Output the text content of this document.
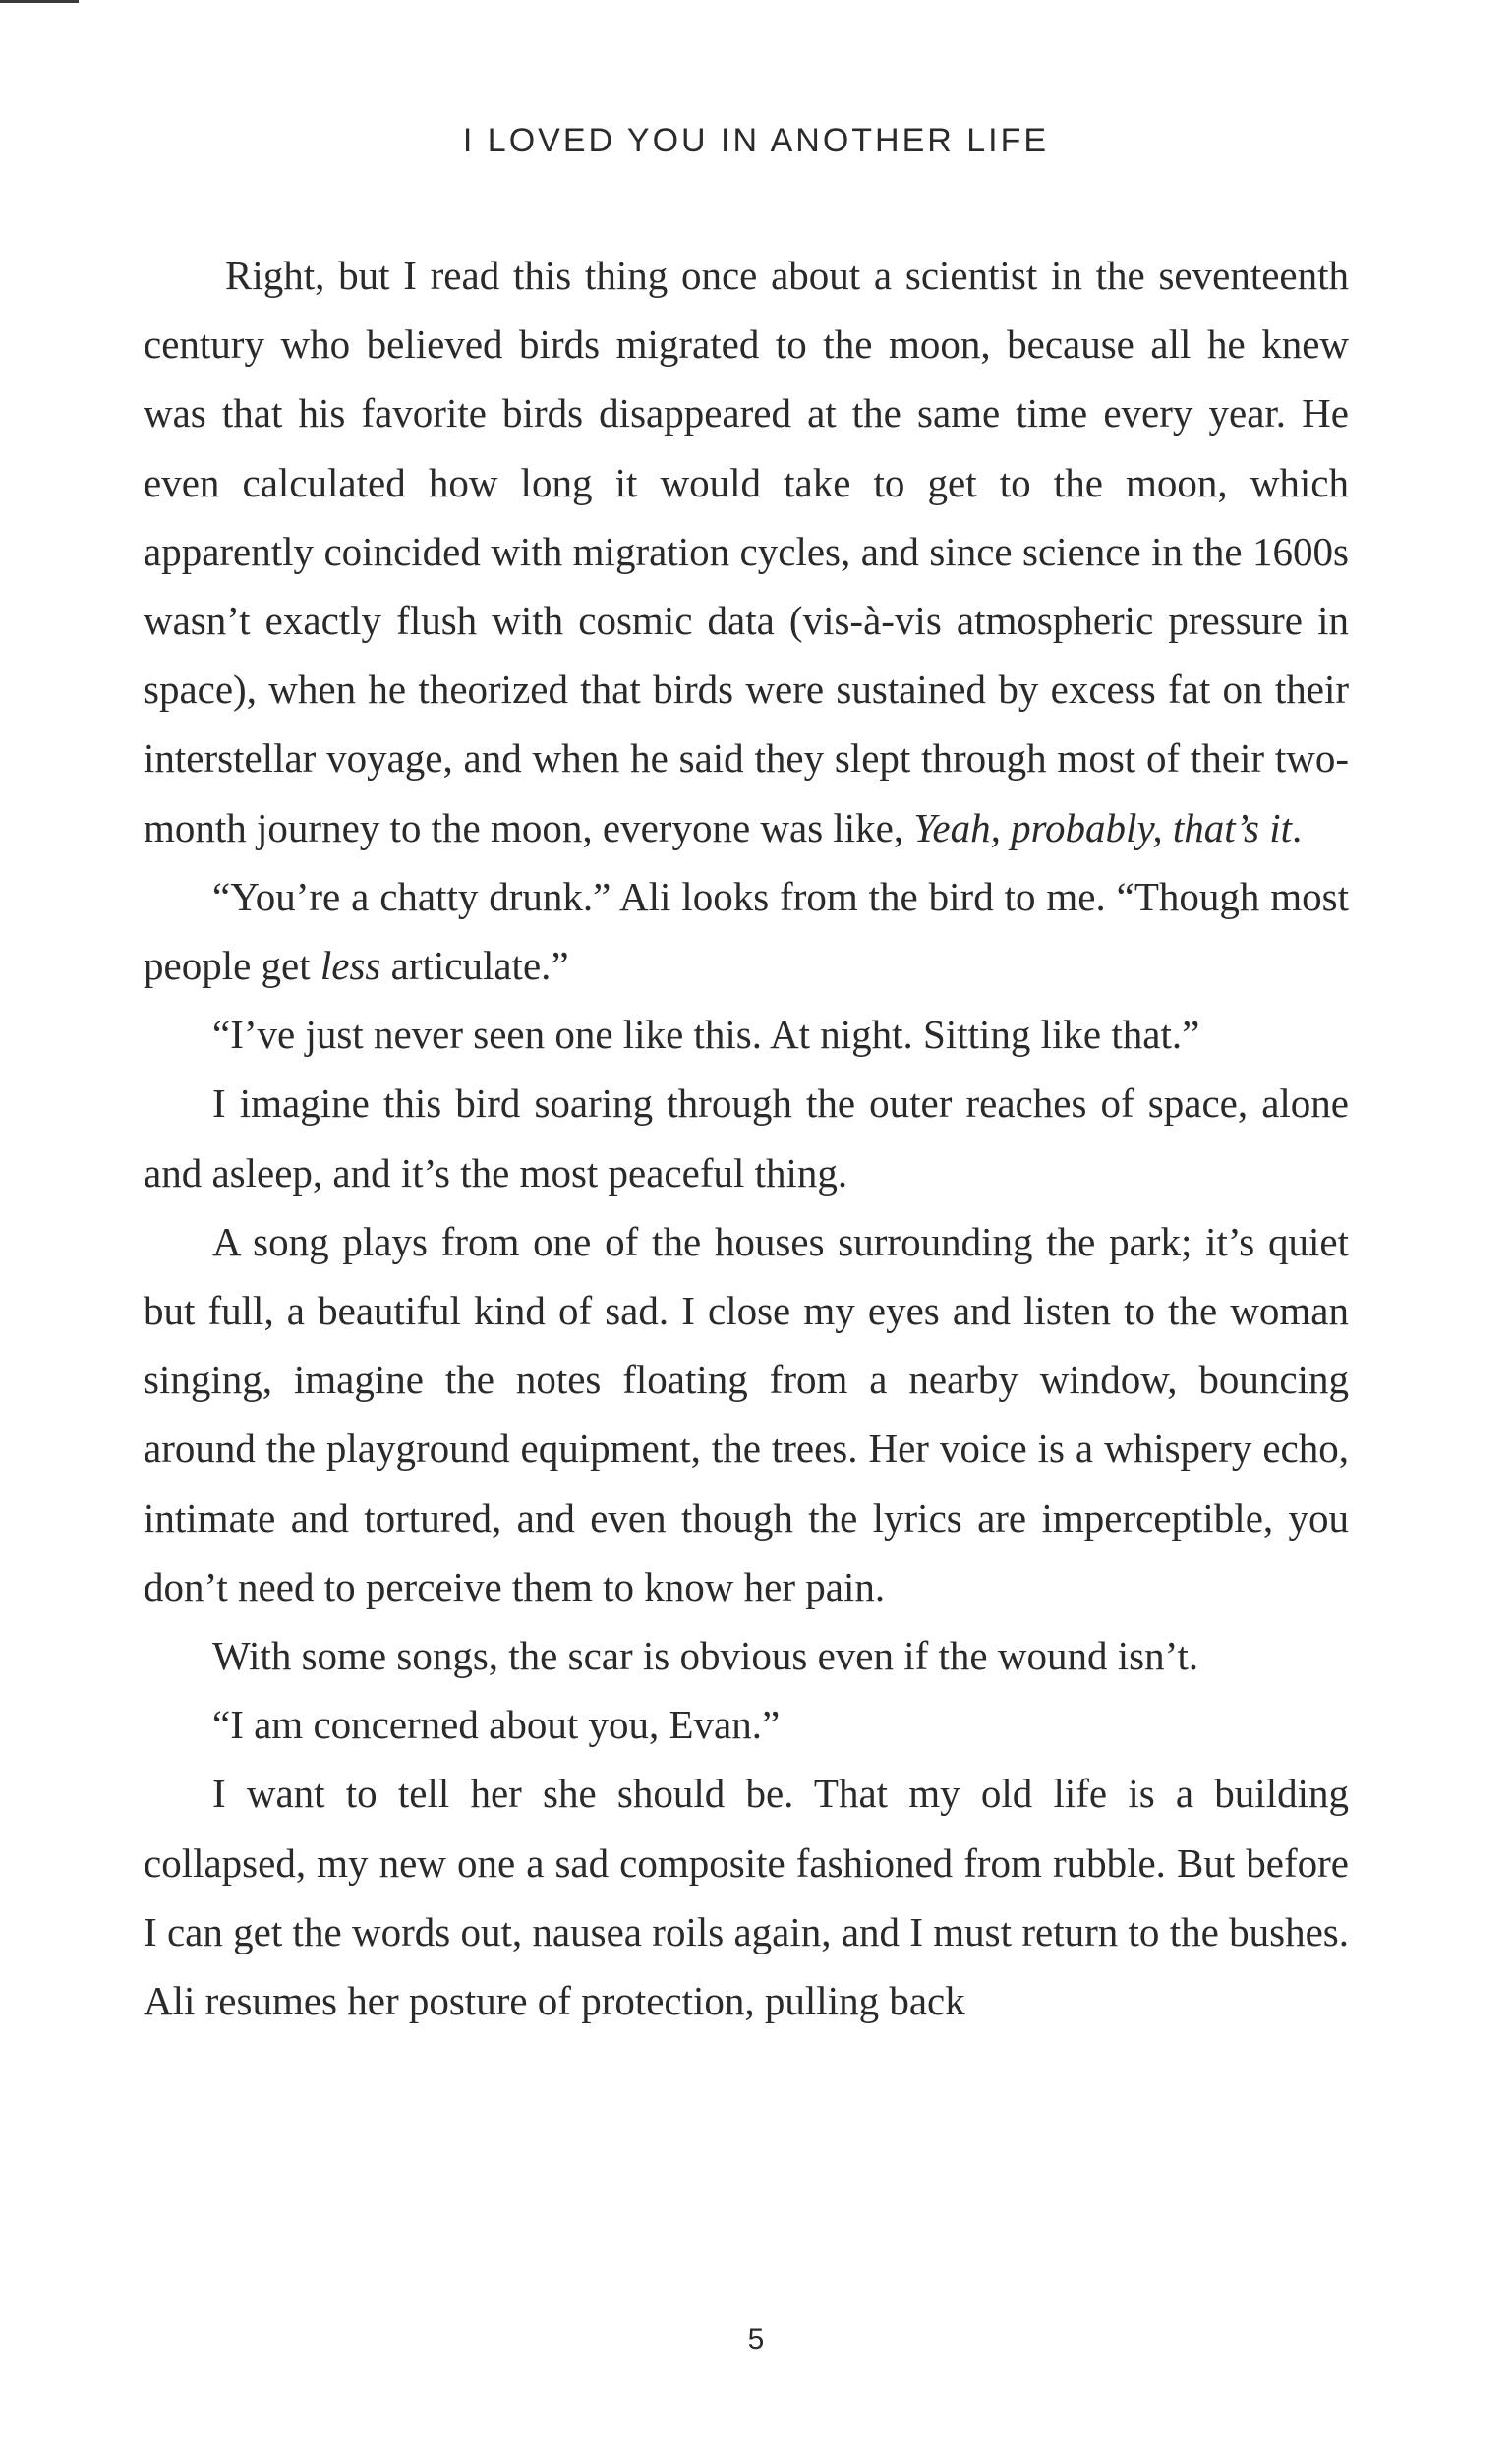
I LOVED YOU IN ANOTHER LIFE

Right, but I read this thing once about a scientist in the seventeenth century who believed birds migrated to the moon, because all he knew was that his favorite birds disappeared at the same time every year. He even calculated how long it would take to get to the moon, which apparently coincided with migration cycles, and since science in the 1600s wasn’t exactly flush with cosmic data (vis-à-vis atmospheric pressure in space), when he theorized that birds were sustained by excess fat on their interstellar voyage, and when he said they slept through most of their two-month journey to the moon, everyone was like, Yeah, probably, that’s it.

“You’re a chatty drunk.” Ali looks from the bird to me. “Though most people get less articulate.”

“I’ve just never seen one like this. At night. Sitting like that.”

I imagine this bird soaring through the outer reaches of space, alone and asleep, and it’s the most peaceful thing.

A song plays from one of the houses surrounding the park; it’s quiet but full, a beautiful kind of sad. I close my eyes and listen to the woman singing, imagine the notes floating from a nearby window, bouncing around the playground equipment, the trees. Her voice is a whispery echo, intimate and tortured, and even though the lyrics are imperceptible, you don’t need to perceive them to know her pain.

With some songs, the scar is obvious even if the wound isn’t.

“I am concerned about you, Evan.”

I want to tell her she should be. That my old life is a building collapsed, my new one a sad composite fashioned from rubble. But before I can get the words out, nausea roils again, and I must return to the bushes. Ali resumes her posture of protection, pulling back

5
